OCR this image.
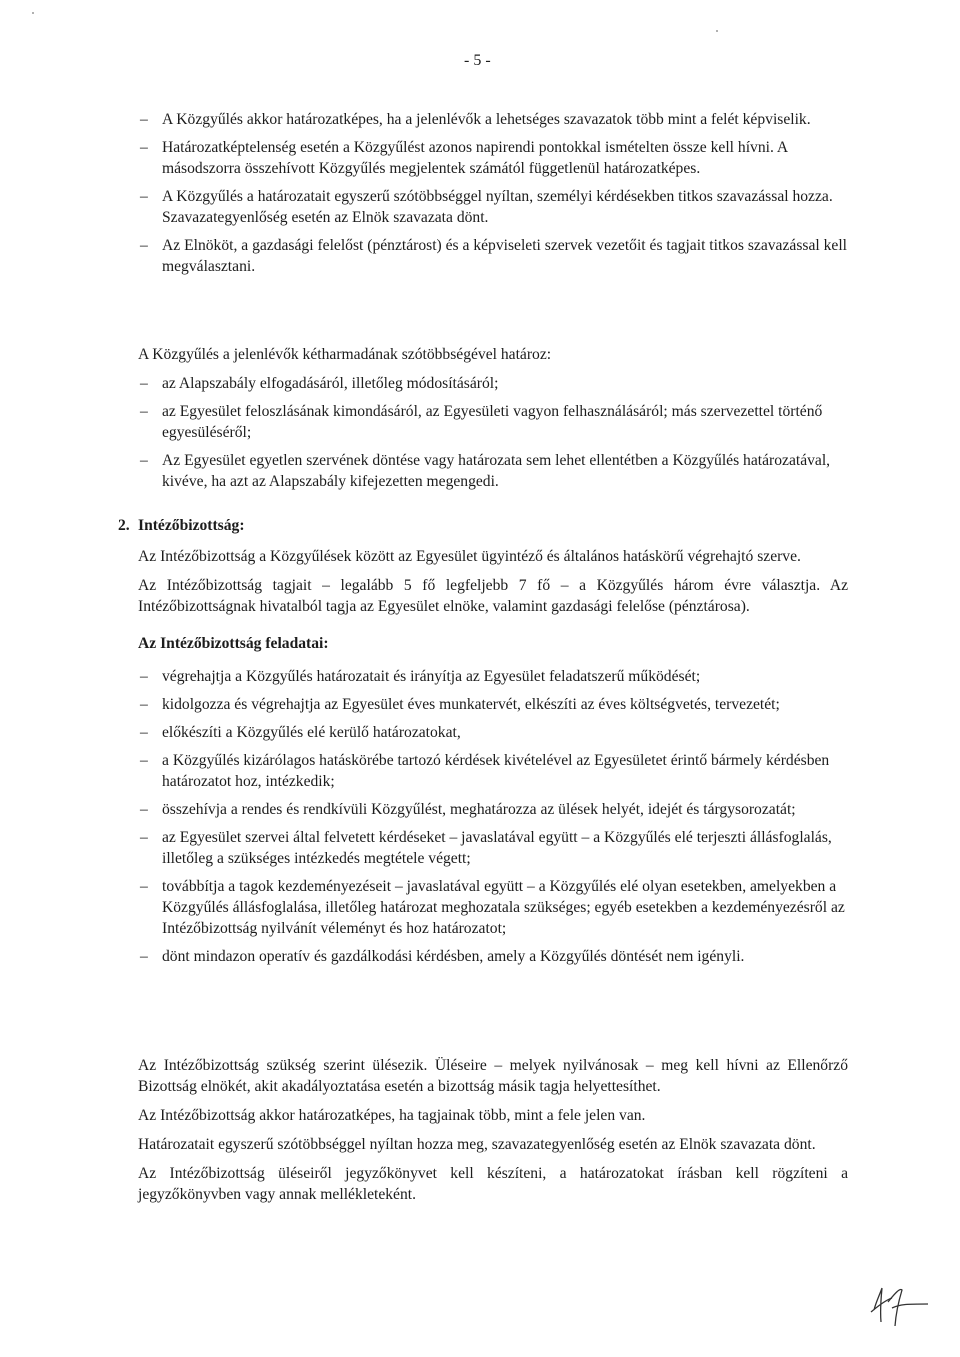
- 5 -
– A Közgyűlés akkor határozatképes, ha a jelenlévők a lehetséges szavazatok több mint a felét képviselik.
– Határozatképtelenség esetén a Közgyűlést azonos napirendi pontokkal ismételten össze kell hívni. A másodszorra összehívott Közgyűlés megjelentek számától függetlenül határozatképes.
– A Közgyűlés a határozatait egyszerű szótöbbséggel nyíltan, személyi kérdésekben titkos szavazással hozza. Szavazategyenlőség esetén az Elnök szavazata dönt.
– Az Elnököt, a gazdasági felelőst (pénztárost) és a képviseleti szervek vezetőit és tagjait titkos szavazással kell megválasztani.
A Közgyűlés a jelenlévők kétharmadának szótöbbségével határoz:
– az Alapszabály elfogadásáról, illetőleg módosításáról;
– az Egyesület feloszlásának kimondásáról, az Egyesületi vagyon felhasználásáról; más szervezettel történő egyesüléséről;
– Az Egyesület egyetlen szervének döntése vagy határozata sem lehet ellentétben a Közgyűlés határozatával, kivéve, ha azt az Alapszabály kifejezetten megengedi.
2. Intézőbizottság:
Az Intézőbizottság a Közgyűlések között az Egyesület ügyintéző és általános hatáskörű végrehajtó szerve.
Az Intézőbizottság tagjait – legalább 5 fő legfeljebb 7 fő – a Közgyűlés három évre választja. Az Intézőbizottságnak hivatalból tagja az Egyesület elnöke, valamint gazdasági felelőse (pénztárosa).
Az Intézőbizottság feladatai:
– végrehajtja a Közgyűlés határozatait és irányítja az Egyesület feladatszerű működését;
– kidolgozza és végrehajtja az Egyesület éves munkatervét, elkészíti az éves költségvetés, tervezetét;
– előkészíti a Közgyűlés elé kerülő határozatokat,
– a Közgyűlés kizárólagos hatáskörébe tartozó kérdések kivételével az Egyesületet érintő bármely kérdésben határozatot hoz, intézkedik;
– összehívja a rendes és rendkívüli Közgyűlést, meghatározza az ülések helyét, idejét és tárgysorozatát;
– az Egyesület szervei által felvetett kérdéseket – javaslatával együtt – a Közgyűlés elé terjeszti állásfoglalás, illetőleg a szükséges intézkedés megtétele végett;
– továbbítja a tagok kezdeményezéseit – javaslatával együtt – a Közgyűlés elé olyan esetekben, amelyekben a Közgyűlés állásfoglalása, illetőleg határozat meghozatala szükséges; egyéb esetekben a kezdeményezésről az Intézőbizottság nyilvánít véleményt és hoz határozatot;
– dönt mindazon operatív és gazdálkodási kérdésben, amely a Közgyűlés döntését nem igényli.
Az Intézőbizottság szükség szerint ülésezik. Üléseire – melyek nyilvánosak – meg kell hívni az Ellenőrző Bizottság elnökét, akit akadályoztatása esetén a bizottság másik tagja helyettesíthet.
Az Intézőbizottság akkor határozatképes, ha tagjainak több, mint a fele jelen van.
Határozatait egyszerű szótöbbséggel nyíltan hozza meg, szavazategyenlőség esetén az Elnök szavazata dönt.
Az Intézőbizottság üléseiről jegyzőkönyvet kell készíteni, a határozatokat írásban kell rögzíteni a jegyzőkönyvben vagy annak mellékleteként.
